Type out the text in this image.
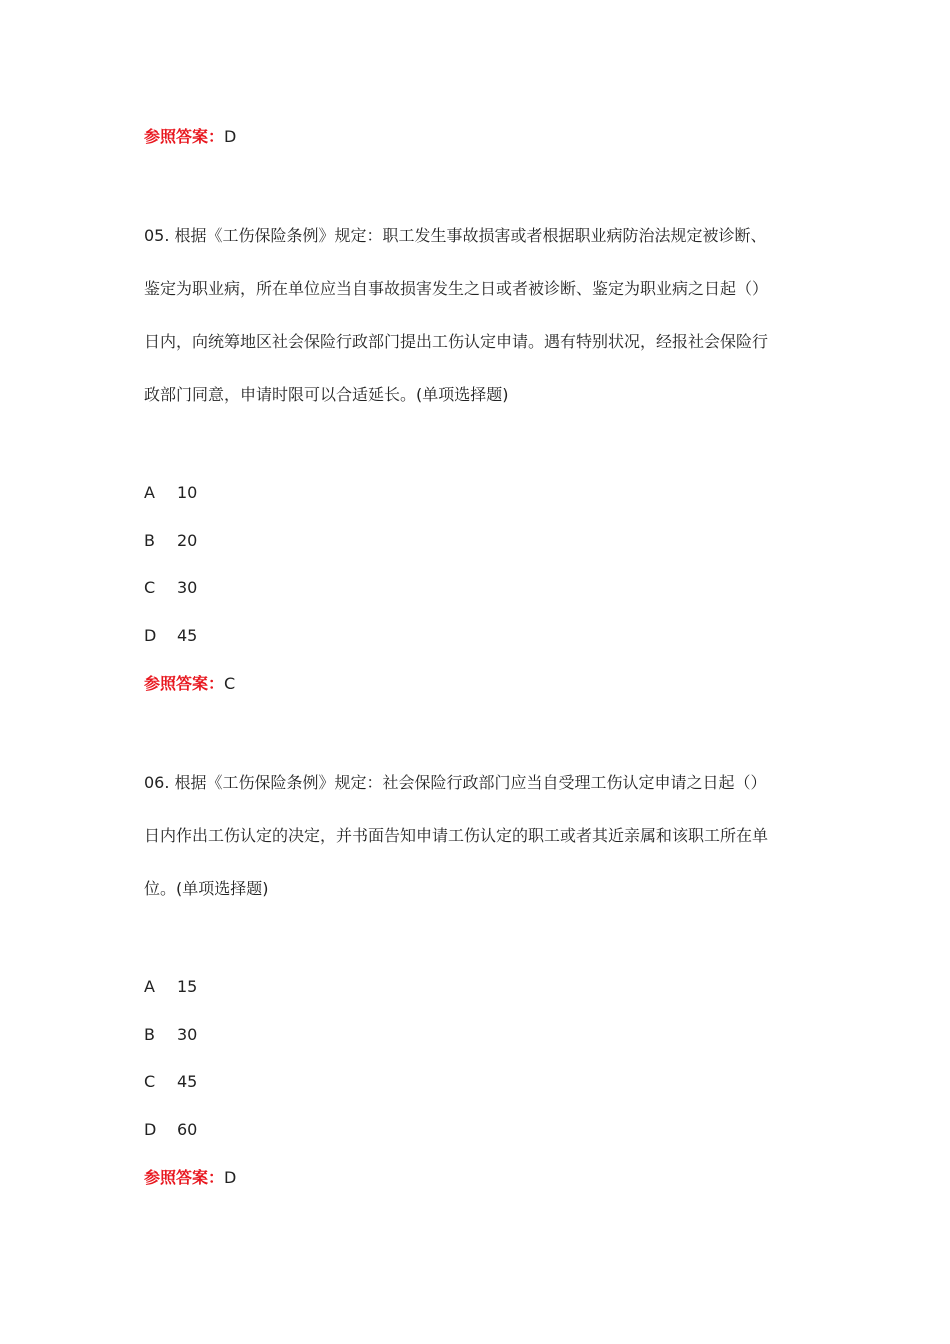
参照答案：D
05. 根据《工伤保险条例》规定：职工发生事故损害或者根据职业病防治法规定被诊断、
鉴定为职业病，所在单位应当自事故损害发生之日或者被诊断、鉴定为职业病之日起（）
日内，向统筹地区社会保险行政部门提出工伤认定申请。遇有特别状况，经报社会保险行
政部门同意，申请时限可以合适延长。(单项选择题)
A 10
B 20
C 30
D 45
参照答案：C
06. 根据《工伤保险条例》规定：社会保险行政部门应当自受理工伤认定申请之日起（）
日内作出工伤认定的决定，并书面告知申请工伤认定的职工或者其近亲属和该职工所在单
位。(单项选择题)
A 15
B 30
C 45
D 60
参照答案：D
